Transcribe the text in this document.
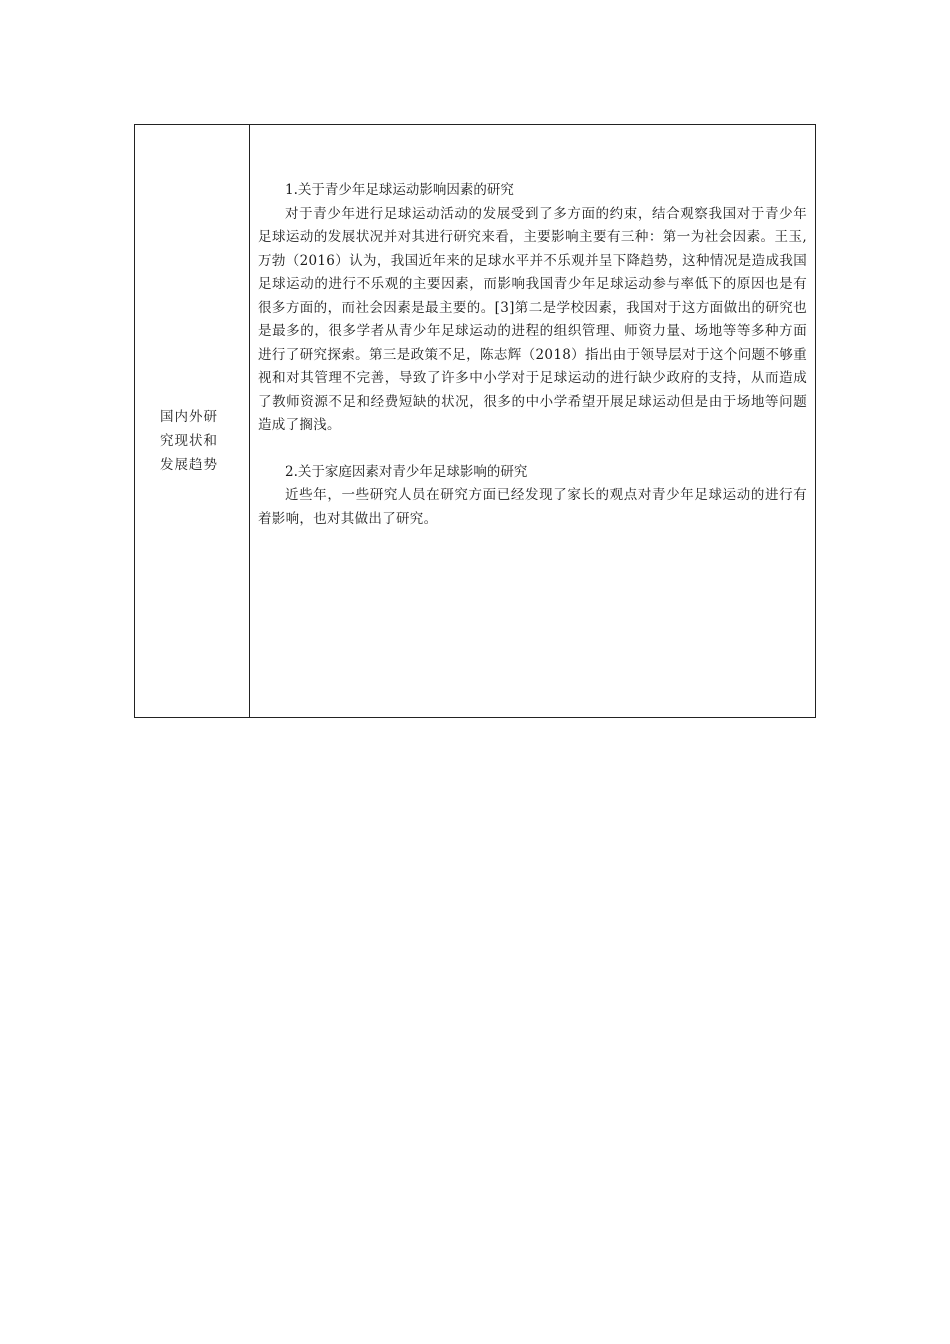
国内外研究现状和发展趋势

1.关于青少年足球运动影响因素的研究

对于青少年进行足球运动活动的发展受到了多方面的约束，结合观察我国对于青少年足球运动的发展状况并对其进行研究来看，主要影响主要有三种：第一为社会因素。王玉,万勃（2016）认为，我国近年来的足球水平并不乐观并呈下降趋势，这种情况是造成我国足球运动的进行不乐观的主要因素，而影响我国青少年足球运动参与率低下的原因也是有很多方面的，而社会因素是最主要的。[3]第二是学校因素，我国对于这方面做出的研究也是最多的，很多学者从青少年足球运动的进程的组织管理、师资力量、场地等等多种方面进行了研究探索。第三是政策不足，陈志辉（2018）指出由于领导层对于这个问题不够重视和对其管理不完善，导致了许多中小学对于足球运动的进行缺少政府的支持，从而造成了教师资源不足和经费短缺的状况，很多的中小学希望开展足球运动但是由于场地等问题造成了搁浅。

2.关于家庭因素对青少年足球影响的研究

近些年，一些研究人员在研究方面已经发现了家长的观点对青少年足球运动的进行有着影响，也对其做出了研究。
